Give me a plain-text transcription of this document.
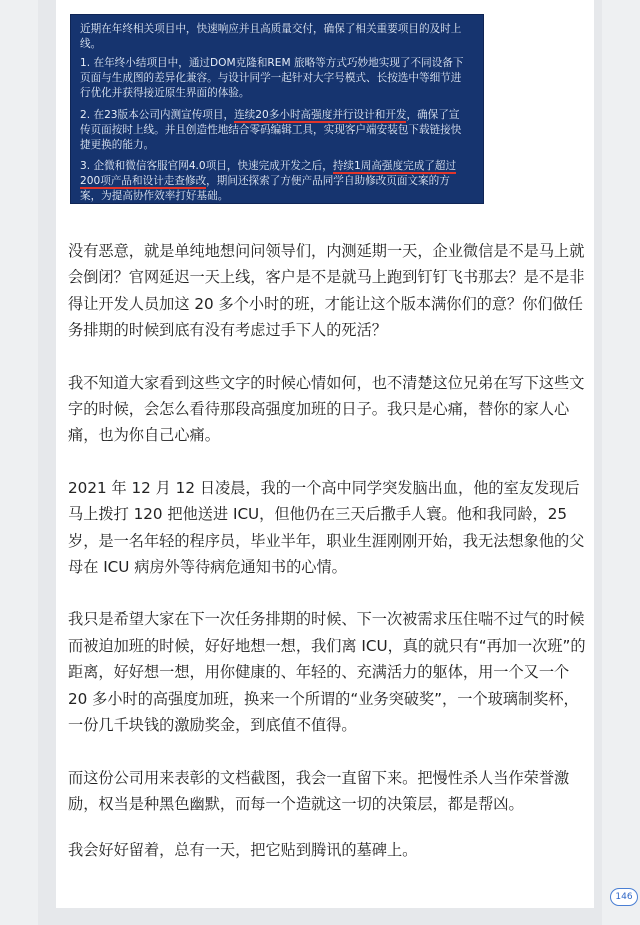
近期在年终相关项目中，快速响应并且高质量交付，确保了相关重要项目的及时上线。

1. 在年终小结项目中，通过DOM克隆和REM 旅略等方式巧妙地实现了不同设备下页面与生成图的差异化兼容。与设计同学一起针对大字号模式、长按选中等细节进行优化并获得接近原生界面的体验。

2. 在23版本公司内测宣传项目，连续20多小时高强度并行设计和开发，确保了宣传页面按时上线。并且创造性地结合零码编辑工具，实现客户端安装包下载链接快捷更换的能力。

3. 企微和微信客服官网4.0项目，快速完成开发之后，持续1周高强度完成了超过200项产品和设计走查修改，期间还探索了方便产品同学自助修改页面文案的方案，为提高协作效率打好基础。

没有恶意，就是单纯地想问问领导们，内测延期一天，企业微信是不是马上就会倒闭？官网延迟一天上线，客户是不是就马上跑到钉钉飞书那去？是不是非得让开发人员加这 20 多个小时的班，才能让这个版本满你们的意？你们做任务排期的时候到底有没有考虑过手下人的死活？

我不知道大家看到这些文字的时候心情如何，也不清楚这位兄弟在写下这些文字的时候，会怎么看待那段高强度加班的日子。我只是心痛，替你的家人心痛，也为你自己心痛。

2021 年 12 月 12 日凌晨，我的一个高中同学突发脑出血，他的室友发现后马上拨打 120 把他送进 ICU，但他仍在三天后撒手人寰。他和我同龄，25 岁，是一名年轻的程序员，毕业半年，职业生涯刚刚开始，我无法想象他的父母在 ICU 病房外等待病危通知书的心情。

我只是希望大家在下一次任务排期的时候、下一次被需求压住喘不过气的时候而被迫加班的时候，好好地想一想，我们离 ICU，真的就只有“再加一次班”的距离，好好想一想，用你健康的、年轻的、充满活力的躯体，用一个又一个 20 多小时的高强度加班，换来一个所谓的“业务突破奖”，一个玻璃制奖杯，一份几千块钱的激励奖金，到底值不值得。

而这份公司用来表彰的文档截图，我会一直留下来。把慢性杀人当作荣誉激励，权当是种黑色幽默，而每一个造就这一切的决策层，都是帮凶。

我会好好留着，总有一天，把它贴到腾讯的墓碑上。

146
